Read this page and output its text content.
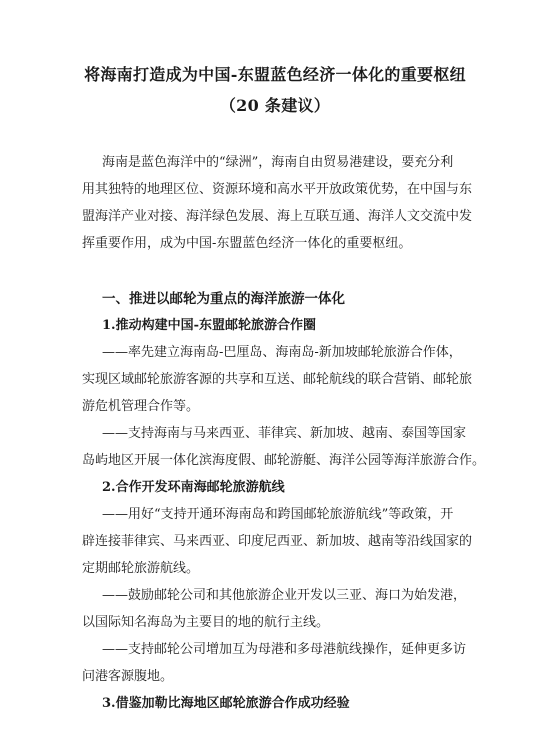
将海南打造成为中国-东盟蓝色经济一体化的重要枢纽
（20 条建议）
海南是蓝色海洋中的“绿洲”，海南自由贸易港建设，要充分利
用其独特的地理区位、资源环境和高水平开放政策优势，在中国与东
盟海洋产业对接、海洋绿色发展、海上互联互通、海洋人文交流中发
挥重要作用，成为中国-东盟蓝色经济一体化的重要枢纽。
一、推进以邮轮为重点的海洋旅游一体化
1.推动构建中国-东盟邮轮旅游合作圈
——率先建立海南岛-巴厘岛、海南岛-新加坡邮轮旅游合作体，
实现区域邮轮旅游客源的共享和互送、邮轮航线的联合营销、邮轮旅
游危机管理合作等。
——支持海南与马来西亚、菲律宾、新加坡、越南、泰国等国家
岛屿地区开展一体化滨海度假、邮轮游艇、海洋公园等海洋旅游合作。
2.合作开发环南海邮轮旅游航线
——用好“支持开通环海南岛和跨国邮轮旅游航线”等政策，开
辟连接菲律宾、马来西亚、印度尼西亚、新加坡、越南等沿线国家的
定期邮轮旅游航线。
——鼓励邮轮公司和其他旅游企业开发以三亚、海口为始发港，
以国际知名海岛为主要目的地的航行主线。
——支持邮轮公司增加互为母港和多母港航线操作，延伸更多访
问港客源腹地。
3.借鉴加勒比海地区邮轮旅游合作成功经验
